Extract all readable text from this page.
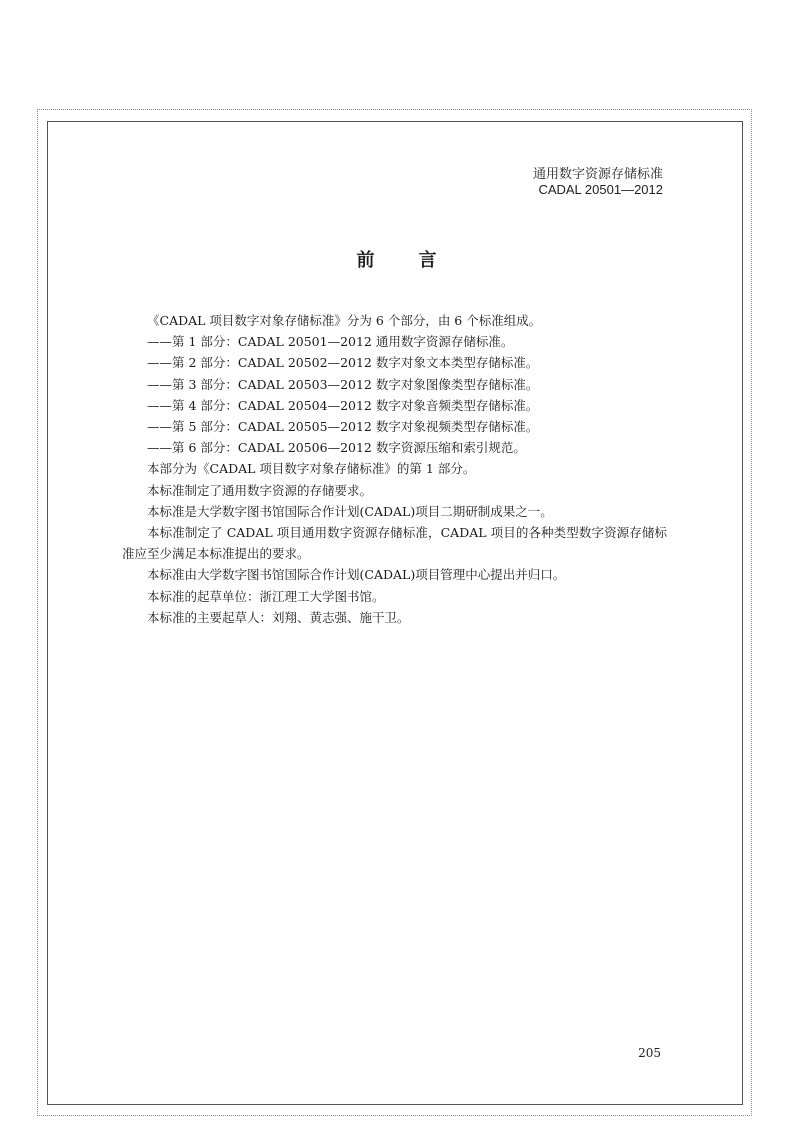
通用数字资源存储标准
CADAL 20501—2012
前言

《CADAL 项目数字对象存储标准》分为 6 个部分，由 6 个标准组成。

——第 1 部分：CADAL 20501—2012 通用数字资源存储标准。

——第 2 部分：CADAL 20502—2012 数字对象文本类型存储标准。

——第 3 部分：CADAL 20503—2012 数字对象图像类型存储标准。

——第 4 部分：CADAL 20504—2012 数字对象音频类型存储标准。

——第 5 部分：CADAL 20505—2012 数字对象视频类型存储标准。

——第 6 部分：CADAL 20506—2012 数字资源压缩和索引规范。

本部分为《CADAL 项目数字对象存储标准》的第 1 部分。

本标准制定了通用数字资源的存储要求。

本标准是大学数字图书馆国际合作计划(CADAL)项目二期研制成果之一。

本标准制定了 CADAL 项目通用数字资源存储标准，CADAL 项目的各种类型数字资源存储标准应至少满足本标准提出的要求。

本标准由大学数字图书馆国际合作计划(CADAL)项目管理中心提出并归口。

本标准的起草单位：浙江理工大学图书馆。

本标准的主要起草人：刘翔、黄志强、施干卫。

205
